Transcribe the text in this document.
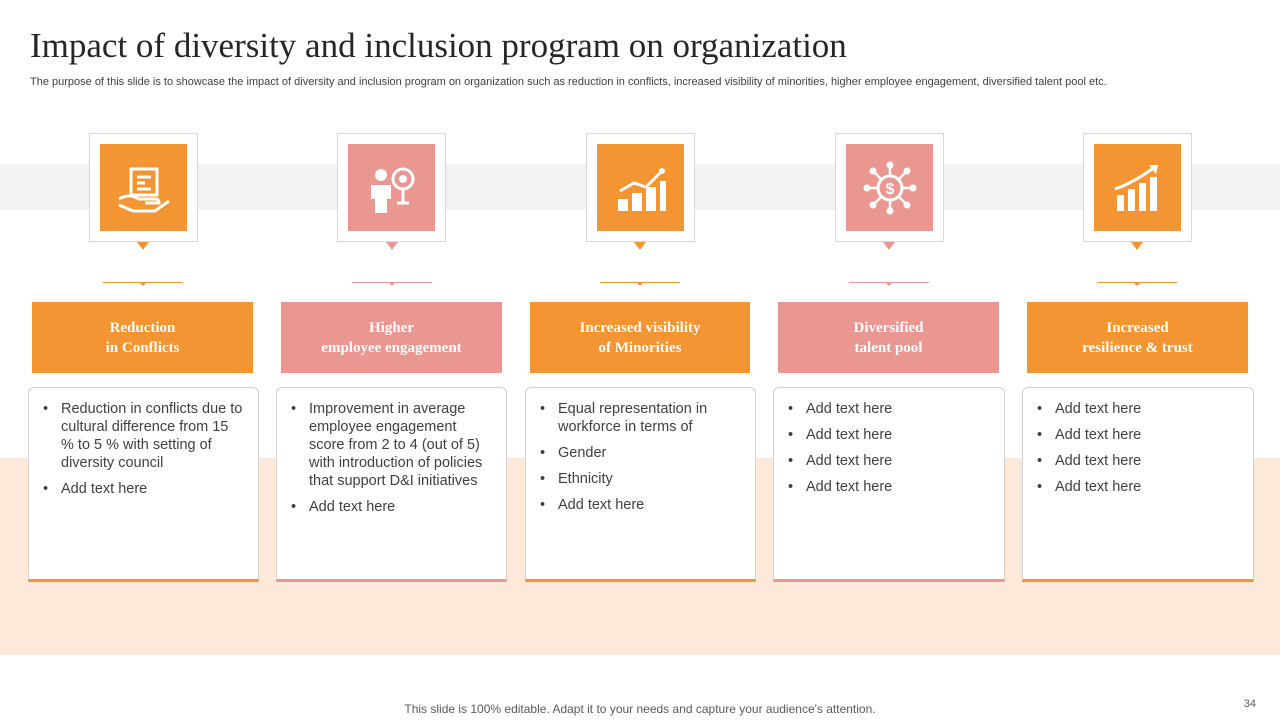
Impact of diversity and inclusion program on organization
The purpose of this slide is to showcase the impact of diversity and inclusion program on organization such as reduction in conflicts, increased visibility of minorities, higher employee engagement, diversified talent pool etc.
Reduction
in Conflicts
• Reduction in conflicts due to cultural difference from 15 % to 5 % with setting of diversity council
• Add text here
Higher
employee engagement
• Improvement in average employee engagement score from 2 to 4 (out of 5) with introduction of policies that support D&I initiatives
• Add text here
Increased visibility
of Minorities
• Equal representation in workforce in terms of
• Gender
• Ethnicity
• Add text here
$
Diversified
talent pool
• Add text here
• Add text here
• Add text here
• Add text here
Increased
resilience & trust
• Add text here
• Add text here
• Add text here
• Add text here
This slide is 100% editable. Adapt it to your needs and capture your audience's attention.	34
